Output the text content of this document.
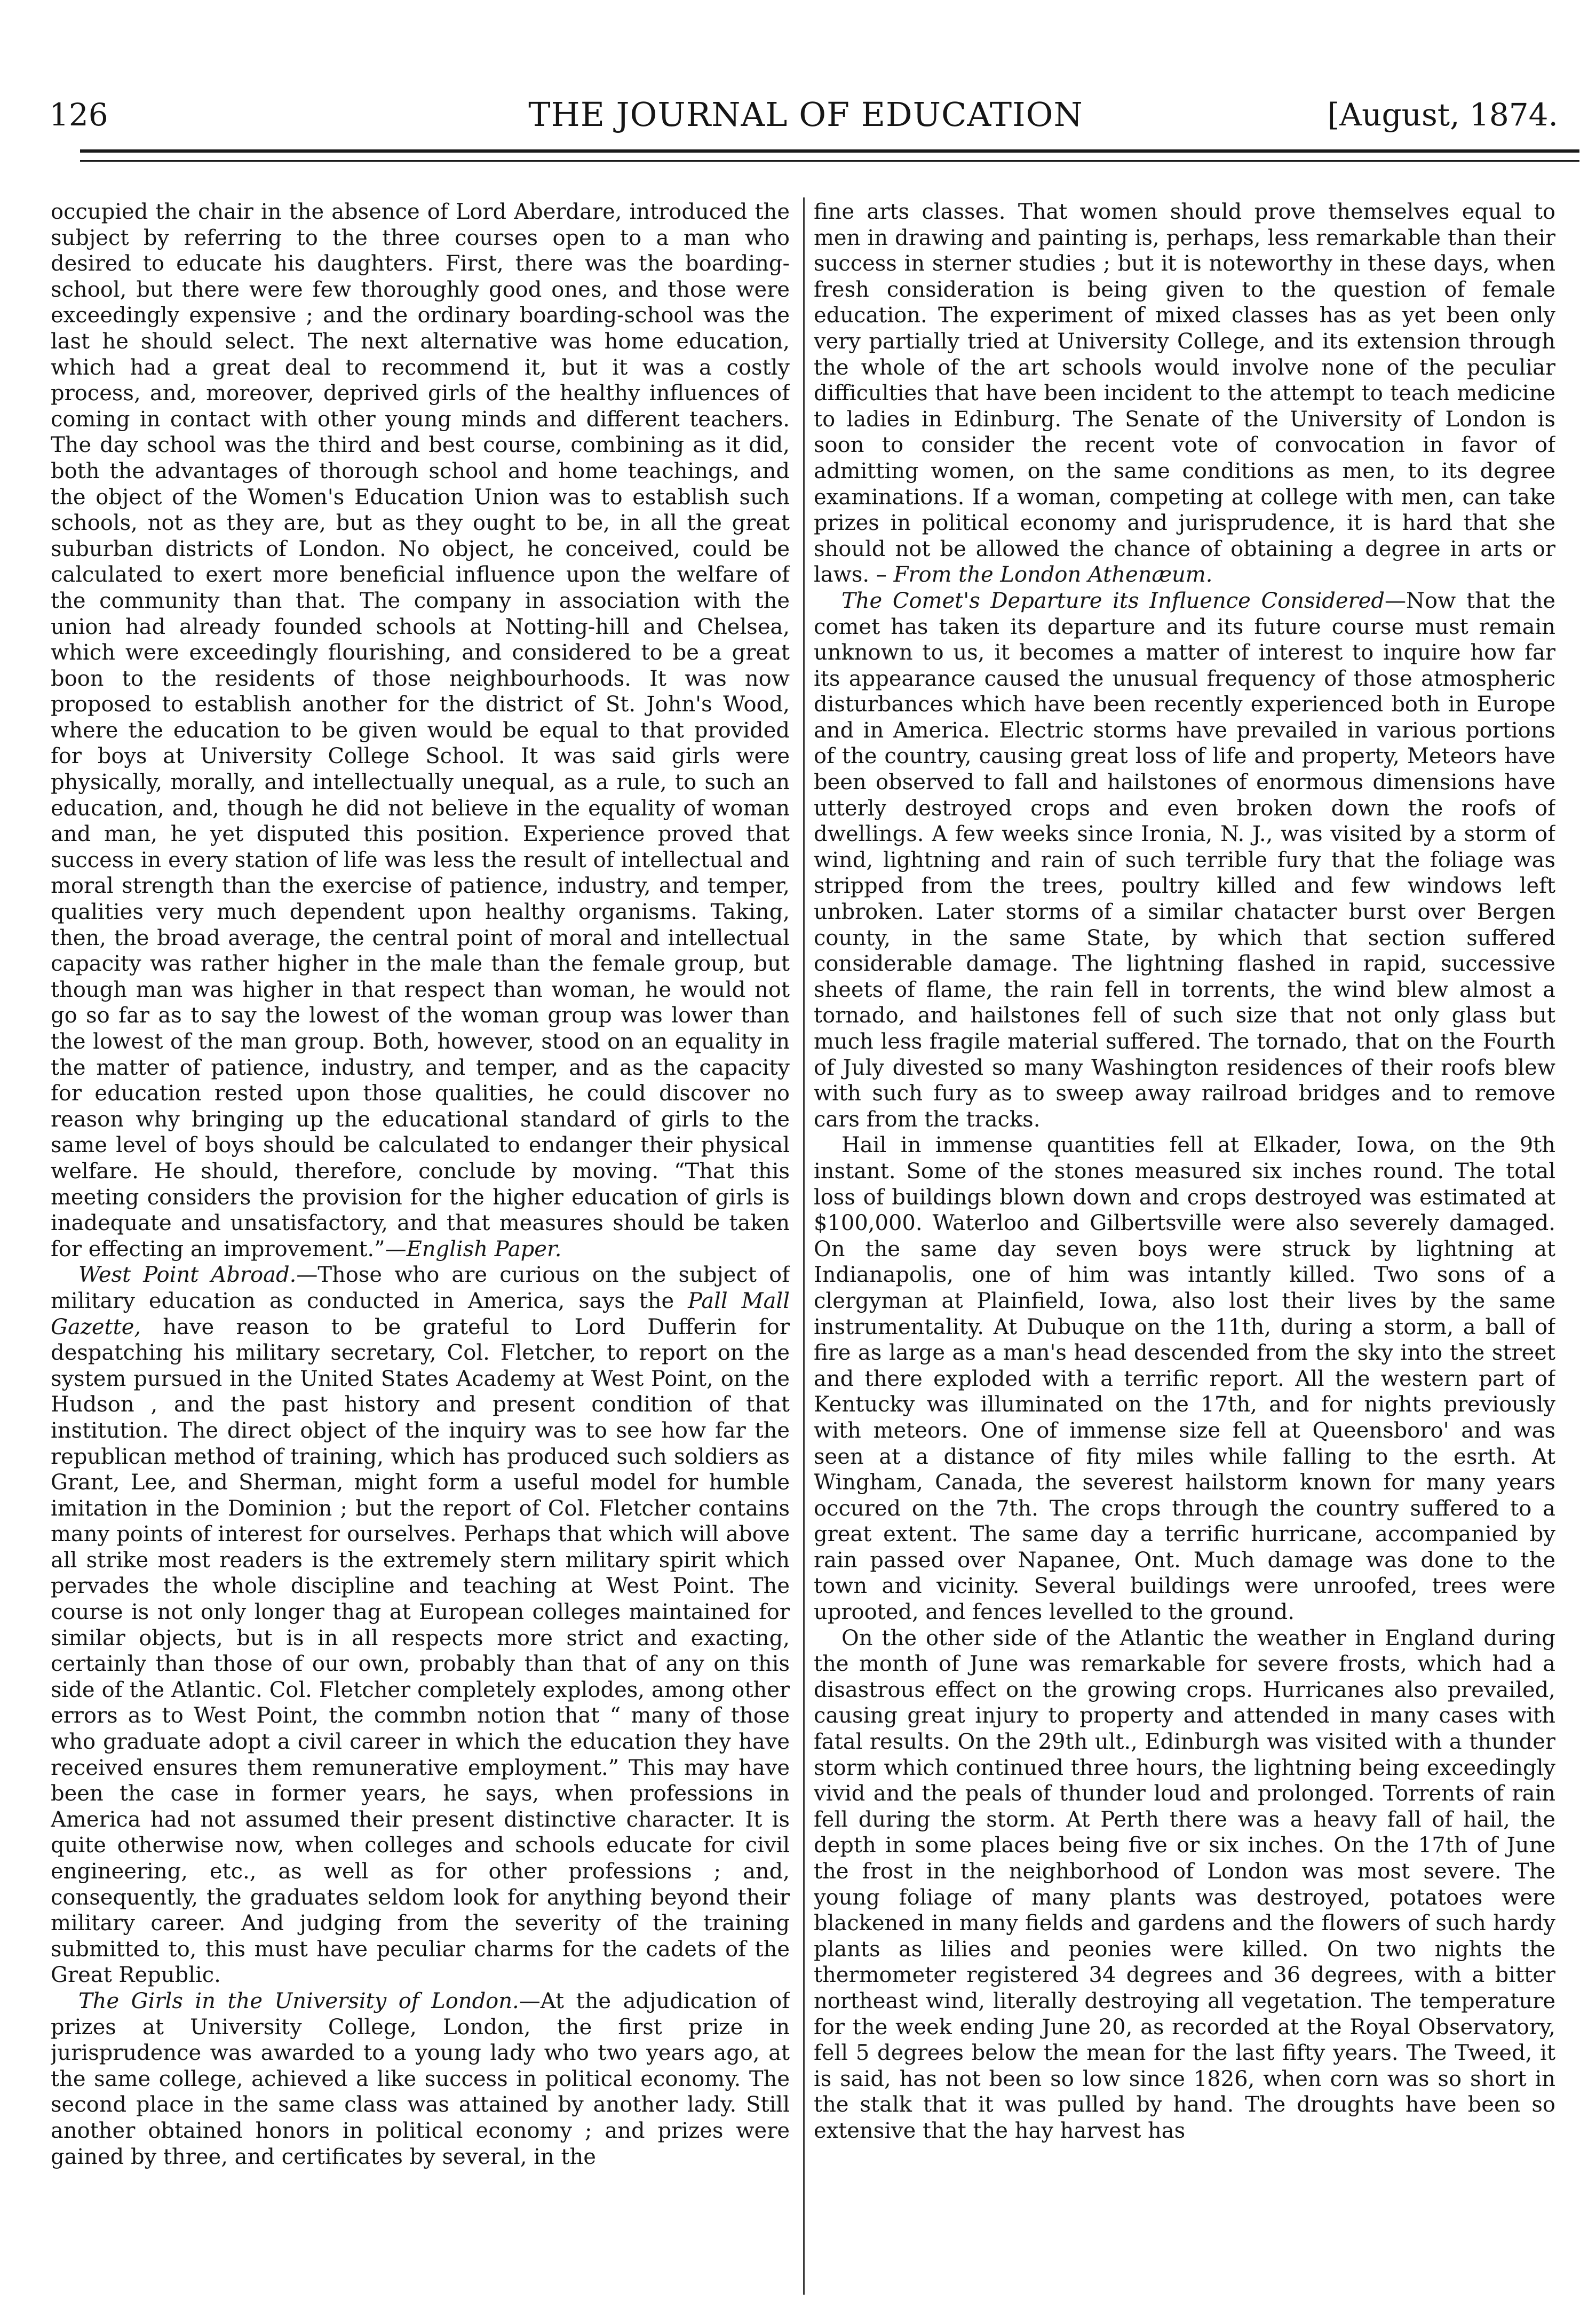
126	THE JOURNAL OF EDUCATION	[August, 1874.

occupied the chair in the absence of Lord Aberdare, introduced the subject by referring to the three courses open to a man who desired to educate his daughters. First, there was the boarding-school, but there were few thoroughly good ones, and those were exceedingly expensive ; and the ordinary boarding-school was the last he should select. The next alternative was home education, which had a great deal to recommend it, but it was a costly process, and, moreover, deprived girls of the healthy influences of coming in contact with other young minds and different teachers. The day school was the third and best course, combining as it did, both the advantages of thorough school and home teachings, and the object of the Women's Education Union was to establish such schools, not as they are, but as they ought to be, in all the great suburban districts of London. No object, he conceived, could be calculated to exert more beneficial influence upon the welfare of the community than that. The company in association with the union had already founded schools at Notting-hill and Chelsea, which were exceedingly flourishing, and considered to be a great boon to the residents of those neighbourhoods. It was now proposed to establish another for the district of St. John's Wood, where the education to be given would be equal to that provided for boys at University College School. It was said girls were physically, morally, and intellectually unequal, as a rule, to such an education, and, though he did not believe in the equality of woman and man, he yet disputed this position. Experience proved that success in every station of life was less the result of intellectual and moral strength than the exercise of patience, industry, and temper, qualities very much dependent upon healthy organisms. Taking, then, the broad average, the central point of moral and intellectual capacity was rather higher in the male than the female group, but though man was higher in that respect than woman, he would not go so far as to say the lowest of the woman group was lower than the lowest of the man group. Both, however, stood on an equality in the matter of patience, industry, and temper, and as the capacity for education rested upon those qualities, he could discover no reason why bringing up the educational standard of girls to the same level of boys should be calculated to endanger their physical welfare. He should, therefore, conclude by moving. “That this meeting considers the provision for the higher education of girls is inadequate and unsatisfactory, and that measures should be taken for effecting an improvement.”—English Paper.

West Point Abroad.—Those who are curious on the subject of military education as conducted in America, says the Pall Mall Gazette, have reason to be grateful to Lord Dufferin for despatching his military secretary, Col. Fletcher, to report on the system pursued in the United States Academy at West Point, on the Hudson , and the past history and present condition of that institution. The direct object of the inquiry was to see how far the republican method of training, which has produced such soldiers as Grant, Lee, and Sherman, might form a useful model for humble imitation in the Dominion ; but the report of Col. Fletcher contains many points of interest for ourselves. Perhaps that which will above all strike most readers is the extremely stern military spirit which pervades the whole discipline and teaching at West Point. The course is not only longer thag at European colleges maintained for similar objects, but is in all respects more strict and exacting, certainly than those of our own, probably than that of any on this side of the Atlantic. Col. Fletcher completely explodes, among other errors as to West Point, the commbn notion that “ many of those who graduate adopt a civil career in which the education they have received ensures them remunerative employment.” This may have been the case in former years, he says, when professions in America had not assumed their present distinctive character. It is quite otherwise now, when colleges and schools educate for civil engineering, etc., as well as for other professions ; and, consequently, the graduates seldom look for anything beyond their military career. And judging from the severity of the training submitted to, this must have peculiar charms for the cadets of the Great Republic.

The Girls in the University of London.—At the adjudication of prizes at University College, London, the first prize in jurisprudence was awarded to a young lady who two years ago, at the same college, achieved a like success in political economy. The second place in the same class was attained by another lady. Still another obtained honors in political economy ; and prizes were gained by three, and certificates by several, in the

fine arts classes. That women should prove themselves equal to men in drawing and painting is, perhaps, less remarkable than their success in sterner studies ; but it is noteworthy in these days, when fresh consideration is being given to the question of female education. The experiment of mixed classes has as yet been only very partially tried at University College, and its extension through the whole of the art schools would involve none of the peculiar difficulties that have been incident to the attempt to teach medicine to ladies in Edinburg. The Senate of the University of London is soon to consider the recent vote of convocation in favor of admitting women, on the same conditions as men, to its degree examinations. If a woman, competing at college with men, can take prizes in political economy and jurisprudence, it is hard that she should not be allowed the chance of obtaining a degree in arts or laws. – From the London Athenæum.

The Comet's Departure its Influence Considered—Now that the comet has taken its departure and its future course must remain unknown to us, it becomes a matter of interest to inquire how far its appearance caused the unusual frequency of those atmospheric disturbances which have been recently experienced both in Europe and in America. Electric storms have prevailed in various portions of the country, causing great loss of life and property, Meteors have been observed to fall and hailstones of enormous dimensions have utterly destroyed crops and even broken down the roofs of dwellings. A few weeks since Ironia, N. J., was visited by a storm of wind, lightning and rain of such terrible fury that the foliage was stripped from the trees, poultry killed and few windows left unbroken. Later storms of a similar chatacter burst over Bergen county, in the same State, by which that section suffered considerable damage. The lightning flashed in rapid, successive sheets of flame, the rain fell in torrents, the wind blew almost a tornado, and hailstones fell of such size that not only glass but much less fragile material suffered. The tornado, that on the Fourth of July divested so many Washington residences of their roofs blew with such fury as to sweep away railroad bridges and to remove cars from the tracks.

Hail in immense quantities fell at Elkader, Iowa, on the 9th instant. Some of the stones measured six inches round. The total loss of buildings blown down and crops destroyed was estimated at $100,000. Waterloo and Gilbertsville were also severely damaged. On the same day seven boys were struck by lightning at Indianapolis, one of him was intantly killed. Two sons of a clergyman at Plainfield, Iowa, also lost their lives by the same instrumentality. At Dubuque on the 11th, during a storm, a ball of fire as large as a man's head descended from the sky into the street and there exploded with a terrific report. All the western part of Kentucky was illuminated on the 17th, and for nights previously with meteors. One of immense size fell at Queensboro' and was seen at a distance of fity miles while falling to the esrth. At Wingham, Canada, the severest hailstorm known for many years occured on the 7th. The crops through the country suffered to a great extent. The same day a terrific hurricane, accompanied by rain passed over Napanee, Ont. Much damage was done to the town and vicinity. Several buildings were unroofed, trees were uprooted, and fences levelled to the ground.

On the other side of the Atlantic the weather in England during the month of June was remarkable for severe frosts, which had a disastrous effect on the growing crops. Hurricanes also prevailed, causing great injury to property and attended in many cases with fatal results. On the 29th ult., Edinburgh was visited with a thunder storm which continued three hours, the lightning being exceedingly vivid and the peals of thunder loud and prolonged. Torrents of rain fell during the storm. At Perth there was a heavy fall of hail, the depth in some places being five or six inches. On the 17th of June the frost in the neighborhood of London was most severe. The young foliage of many plants was destroyed, potatoes were blackened in many fields and gardens and the flowers of such hardy plants as lilies and peonies were killed. On two nights the thermometer registered 34 degrees and 36 degrees, with a bitter northeast wind, literally destroying all vegetation. The temperature for the week ending June 20, as recorded at the Royal Observatory, fell 5 degrees below the mean for the last fifty years. The Tweed, it is said, has not been so low since 1826, when corn was so short in the stalk that it was pulled by hand. The droughts have been so extensive that the hay harvest has
